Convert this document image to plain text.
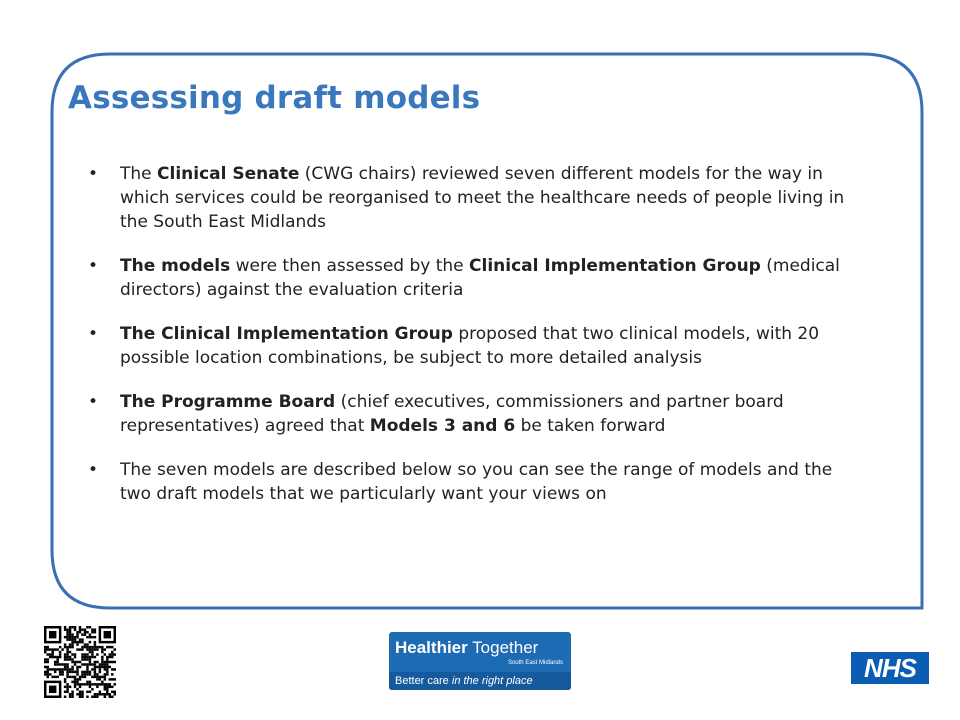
Assessing draft models
• The Clinical Senate (CWG chairs) reviewed seven different models for the way in which services could be reorganised to meet the healthcare needs of people living in the South East Midlands
• The models were then assessed by the Clinical Implementation Group (medical directors) against the evaluation criteria
• The Clinical Implementation Group proposed that two clinical models, with 20 possible location combinations, be subject to more detailed analysis
• The Programme Board (chief executives, commissioners and partner board representatives) agreed that Models 3 and 6 be taken forward
• The seven models are described below so you can see the range of models and the two draft models that we particularly want your views on
Healthier Together
South East Midlands
Better care in the right place	NHS
